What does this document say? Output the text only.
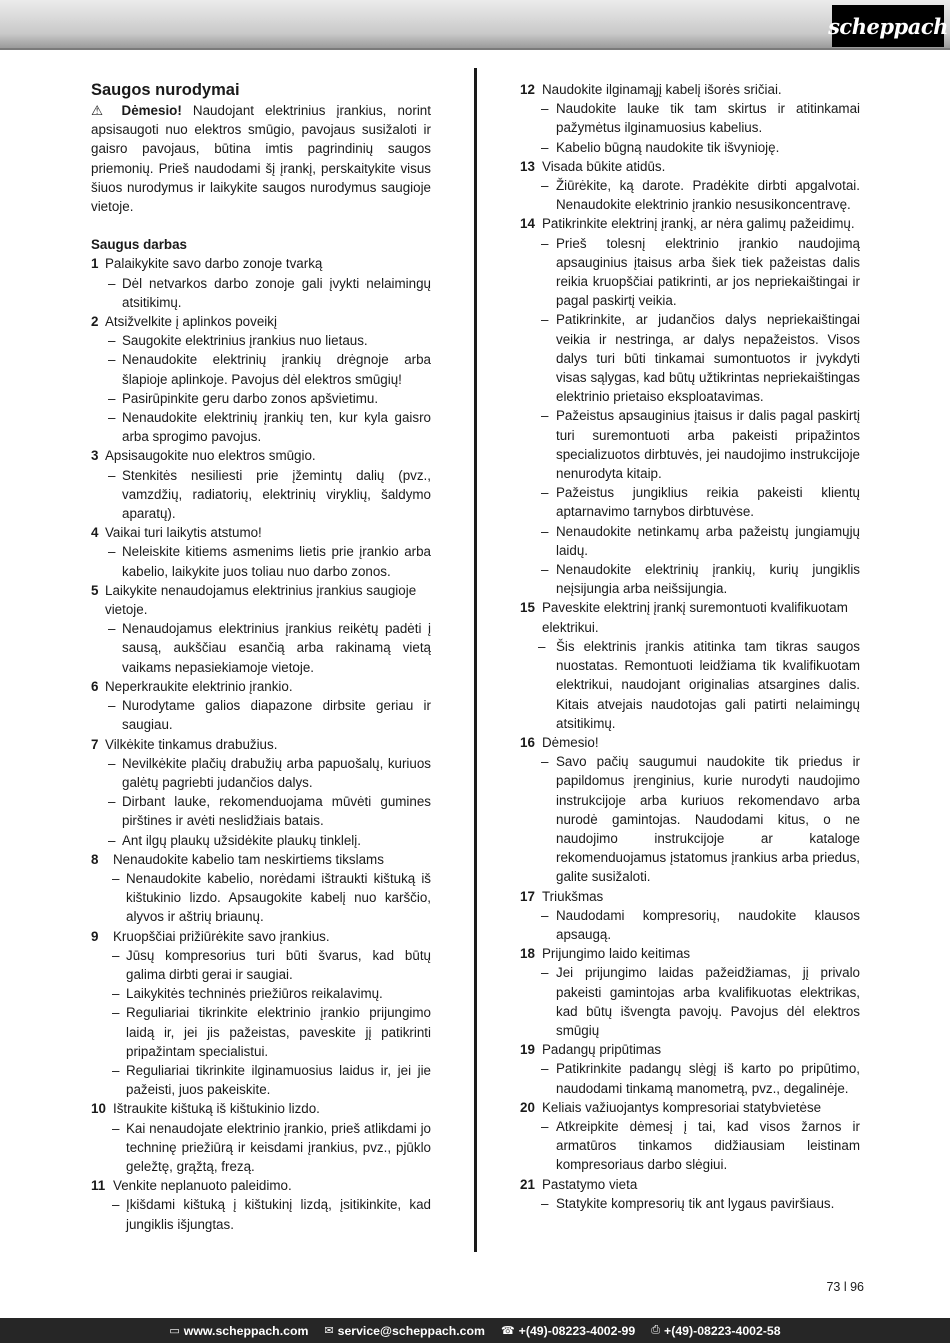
scheppach
Saugos nurodymai
⚠ Dėmesio! Naudojant elektrinius įrankius, norint apsisaugoti nuo elektros smūgio, pavojaus susižaloti ir gaisro pavojaus, būtina imtis pagrindinių saugos priemonių. Prieš naudodami šį įrankį, perskaitykite visus šiuos nurodymus ir laikykite saugos nurodymus saugioje vietoje.
Saugus darbas
1 Palaikykite savo darbo zonoje tvarką
– Dėl netvarkos darbo zonoje gali įvykti nelaimingų atsitikimų.
2 Atsižvelkite į aplinkos poveikį
– Saugokite elektrinius įrankius nuo lietaus.
– Nenaudokite elektrinių įrankių drėgnoje arba šlapioje aplinkoje. Pavojus dėl elektros smūgių!
– Pasirūpinkite geru darbo zonos apšvietimu.
– Nenaudokite elektrinių įrankių ten, kur kyla gaisro arba sprogimo pavojus.
3 Apsisaugokite nuo elektros smūgio.
– Stenkitės nesiliesti prie įžemintų dalių (pvz., vamzdžių, radiatorių, elektrinių viryklių, šaldymo aparatų).
4 Vaikai turi laikytis atstumo!
– Neleiskite kitiems asmenims lietis prie įrankio arba kabelio, laikykite juos toliau nuo darbo zonos.
5 Laikykite nenaudojamus elektrinius įrankius saugioje vietoje.
– Nenaudojamus elektrinius įrankius reikėtų padėti į sausą, aukščiau esančią arba rakinamą vietą vaikams nepasiekiamoje vietoje.
6 Neperkraukite elektrinio įrankio.
– Nurodytame galios diapazone dirbsite geriau ir saugiau.
7 Vilkėkite tinkamus drabužius.
– Nevilkėkite plačių drabužių arba papuošalų, kuriuos galėtų pagriebti judančios dalys.
– Dirbant lauke, rekomenduojama mūvėti gumines pirštines ir avėti neslidžiais batais.
– Ant ilgų plaukų užsidėkite plaukų tinklelį.
8	Nenaudokite kabelio tam neskirtiems tikslams
– Nenaudokite kabelio, norėdami ištraukti kištuką iš kištukinio lizdo. Apsaugokite kabelį nuo karščio, alyvos ir aštrių briaunų.
9	Kruopščiai prižiūrėkite savo įrankius.
– Jūsų kompresorius turi būti švarus, kad būtų galima dirbti gerai ir saugiai.
– Laikykitės techninės priežiūros reikalavimų.
– Reguliariai tikrinkite elektrinio įrankio prijungimo laidą ir, jei jis pažeistas, paveskite jį patikrinti pripažintam specialistui.
– Reguliariai tikrinkite ilginamuosius laidus ir, jei jie pažeisti, juos pakeiskite.
10 Ištraukite kištuką iš kištukinio lizdo.
– Kai nenaudojate elektrinio įrankio, prieš atlikdami jo techninę priežiūrą ir keisdami įrankius, pvz., pjūklo geležtę, grąžtą, frezą.
11 Venkite neplanuoto paleidimo.
– Įkišdami kištuką į kištukinį lizdą, įsitikinkite, kad jungiklis išjungtas.
12 Naudokite ilginamąjį kabelį išorės sričiai.
– Naudokite lauke tik tam skirtus ir atitinkamai pažymėtus ilginamuosius kabelius.
– Kabelio būgną naudokite tik išvynioję.
13 Visada būkite atidūs.
– Žiūrėkite, ką darote. Pradėkite dirbti apgalvotai. Nenaudokite elektrinio įrankio nesusikoncentravę.
14 Patikrinkite elektrinį įrankį, ar nėra galimų pažeidimų.
– Prieš tolesnį elektrinio įrankio naudojimą apsauginius įtaisus arba šiek tiek pažeistas dalis reikia kruopščiai patikrinti, ar jos nepriekaištingai ir pagal paskirtį veikia.
– Patikrinkite, ar judančios dalys nepriekaištingai veikia ir nestringa, ar dalys nepažeistos. Visos dalys turi būti tinkamai sumontuotos ir įvykdyti visas sąlygas, kad būtų užtikrintas nepriekaištingas elektrinio prietaiso eksploatavimas.
– Pažeistus apsauginius įtaisus ir dalis pagal paskirtį turi suremontuoti arba pakeisti pripažintos specializuotos dirbtuvės, jei naudojimo instrukcijoje nenurodyta kitaip.
– Pažeistus jungiklius reikia pakeisti klientų aptarnavimo tarnybos dirbtuvėse.
– Nenaudokite netinkamų arba pažeistų jungiamųjų laidų.
– Nenaudokite elektrinių įrankių, kurių jungiklis neįsijungia arba neišsijungia.
15 Paveskite elektrinį įrankį suremontuoti kvalifikuotam elektrikui.
– Šis elektrinis įrankis atitinka tam tikras saugos nuostatas. Remontuoti leidžiama tik kvalifikuotam elektrikui, naudojant originalias atsargines dalis. Kitais atvejais naudotojas gali patirti nelaimingų atsitikimų.
16 Dėmesio!
– Savo pačių saugumui naudokite tik priedus ir papildomus įrenginius, kurie nurodyti naudojimo instrukcijoje arba kuriuos rekomendavo arba nurodė gamintojas. Naudodami kitus, o ne naudojimo instrukcijoje ar kataloge rekomenduojamus įstatomus įrankius arba priedus, galite susižaloti.
17 Triukšmas
– Naudodami kompresorių, naudokite klausos apsaugą.
18 Prijungimo laido keitimas
– Jei prijungimo laidas pažeidžiamas, jį privalo pakeisti gamintojas arba kvalifikuotas elektrikas, kad būtų išvengta pavojų. Pavojus dėl elektros smūgių
19 Padangų pripūtimas
– Patikrinkite padangų slėgį iš karto po pripūtimo, naudodami tinkamą manometrą, pvz., degalinėje.
20 Keliais važiuojantys kompresoriai statybvietėse
– Atkreipkite dėmesį į tai, kad visos žarnos ir armatūros tinkamos didžiausiam leistinam kompresoriaus darbo slėgiui.
21 Pastatymo vieta
– Statykite kompresorių tik ant lygaus paviršiaus.
73 l 96
▭ www.scheppach.com ✉ service@scheppach.com ☎ +(49)-08223-4002-99 ⎙ +(49)-08223-4002-58
